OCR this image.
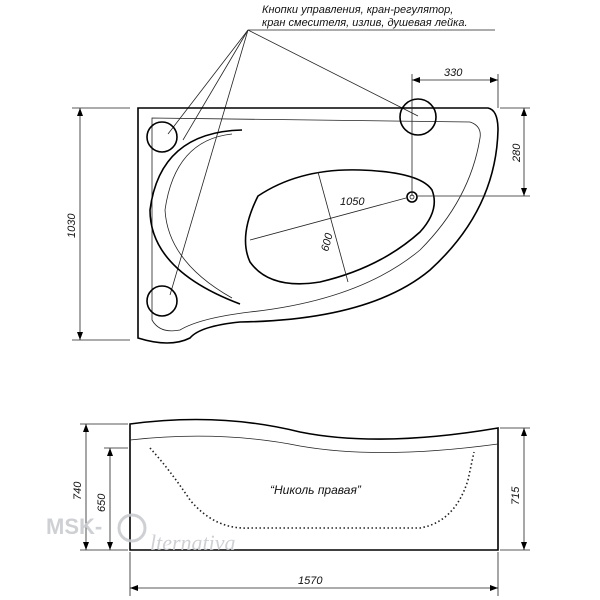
Кнопки управления, кран-регулятор,
кран смесителя, излив, душевая лейка.
1050
600
1030
330
280
“Николь правая”
740
650	715
1570
MSK-
lternativa
